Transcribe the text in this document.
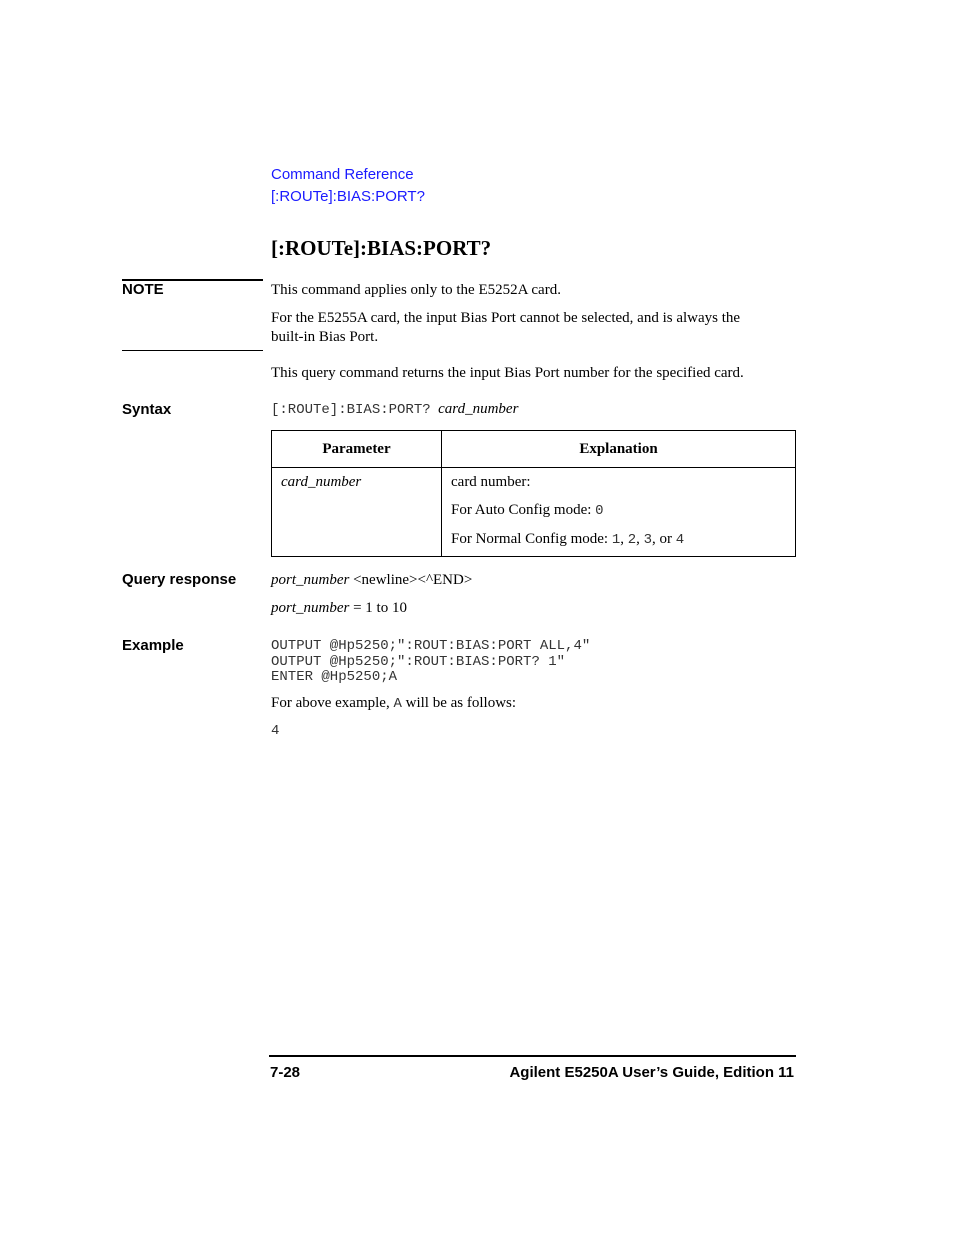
Command Reference
[:ROUTe]:BIAS:PORT?
[:ROUTe]:BIAS:PORT?
NOTE	This command applies only to the E5252A card.
For the E5255A card, the input Bias Port cannot be selected, and is always the
built-in Bias Port.
This query command returns the input Bias Port number for the specified card.
Syntax	[:ROUTe]:BIAS:PORT? card_number
Parameter	Explanation

card_number	card number:
For Auto Config mode: 0
For Normal Config mode: 1, 2, 3, or 4
Query response port_number <newline><^END>
port_number = 1 to 10
Example	OUTPUT @Hp5250;":ROUT:BIAS:PORT ALL,4"
OUTPUT @Hp5250;":ROUT:BIAS:PORT? 1"
ENTER @Hp5250;A
For above example, A will be as follows:
4
7-28	Agilent E5250A User’s Guide, Edition 11
